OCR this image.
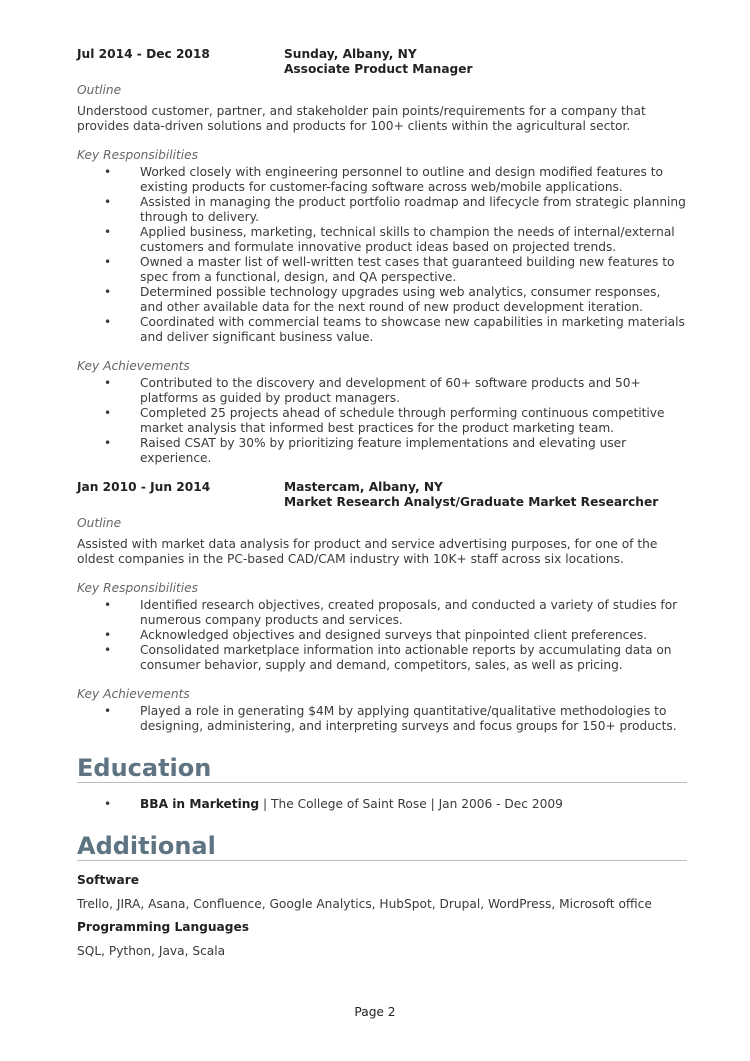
Jul 2014 - Dec 2018	Sunday, Albany, NY
Associate Product Manager
Outline
Understood customer, partner, and stakeholder pain points/requirements for a company that provides data-driven solutions and products for 100+ clients within the agricultural sector.
Key Responsibilities
• Worked closely with engineering personnel to outline and design modified features to existing products for customer-facing software across web/mobile applications.
• Assisted in managing the product portfolio roadmap and lifecycle from strategic planning through to delivery.
• Applied business, marketing, technical skills to champion the needs of internal/external customers and formulate innovative product ideas based on projected trends.
• Owned a master list of well-written test cases that guaranteed building new features to spec from a functional, design, and QA perspective.
• Determined possible technology upgrades using web analytics, consumer responses, and other available data for the next round of new product development iteration.
• Coordinated with commercial teams to showcase new capabilities in marketing materials and deliver significant business value.
Key Achievements
• Contributed to the discovery and development of 60+ software products and 50+ platforms as guided by product managers.
• Completed 25 projects ahead of schedule through performing continuous competitive market analysis that informed best practices for the product marketing team.
• Raised CSAT by 30% by prioritizing feature implementations and elevating user experience.
Jan 2010 - Jun 2014	Mastercam, Albany, NY
Market Research Analyst/Graduate Market Researcher
Outline
Assisted with market data analysis for product and service advertising purposes, for one of the oldest companies in the PC-based CAD/CAM industry with 10K+ staff across six locations.
Key Responsibilities
• Identified research objectives, created proposals, and conducted a variety of studies for numerous company products and services.
• Acknowledged objectives and designed surveys that pinpointed client preferences.
• Consolidated marketplace information into actionable reports by accumulating data on consumer behavior, supply and demand, competitors, sales, as well as pricing.
Key Achievements
• Played a role in generating $4M by applying quantitative/qualitative methodologies to designing, administering, and interpreting surveys and focus groups for 150+ products.
Education
• BBA in Marketing | The College of Saint Rose | Jan 2006 - Dec 2009
Additional
Software
Trello, JIRA, Asana, Confluence, Google Analytics, HubSpot, Drupal, WordPress, Microsoft office
Programming Languages
SQL, Python, Java, Scala
Page 2
